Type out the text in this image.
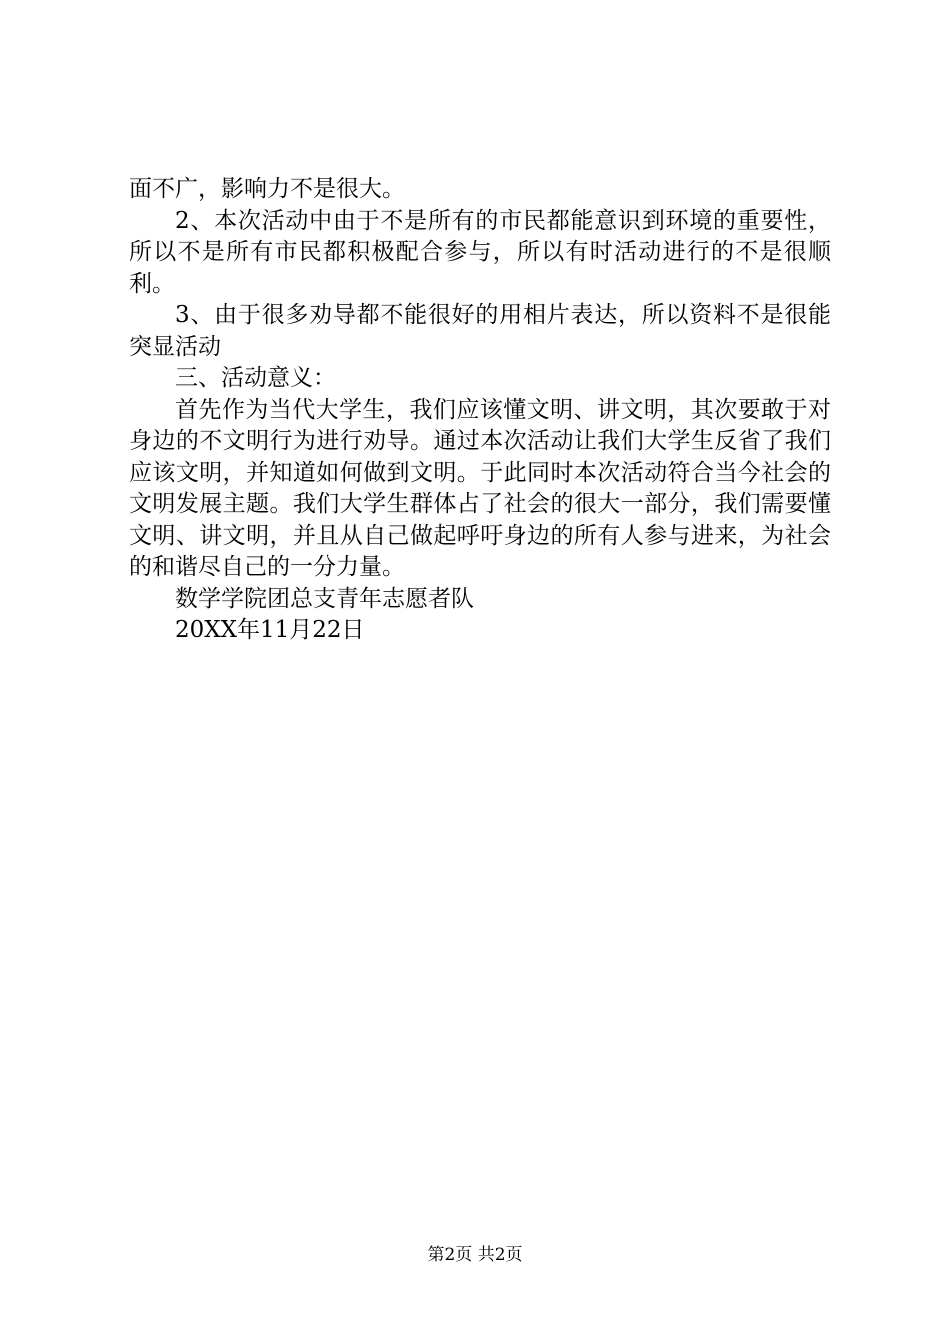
面不广，影响力不是很大。

2、本次活动中由于不是所有的市民都能意识到环境的重要性，所以不是所有市民都积极配合参与，所以有时活动进行的不是很顺利。

3、由于很多劝导都不能很好的用相片表达，所以资料不是很能突显活动

三、活动意义：

首先作为当代大学生，我们应该懂文明、讲文明，其次要敢于对身边的不文明行为进行劝导。通过本次活动让我们大学生反省了我们应该文明，并知道如何做到文明。于此同时本次活动符合当今社会的文明发展主题。我们大学生群体占了社会的很大一部分，我们需要懂文明、讲文明，并且从自己做起呼吁身边的所有人参与进来，为社会的和谐尽自己的一分力量。

数学学院团总支青年志愿者队

20XX年11月22日

第2页 共2页
